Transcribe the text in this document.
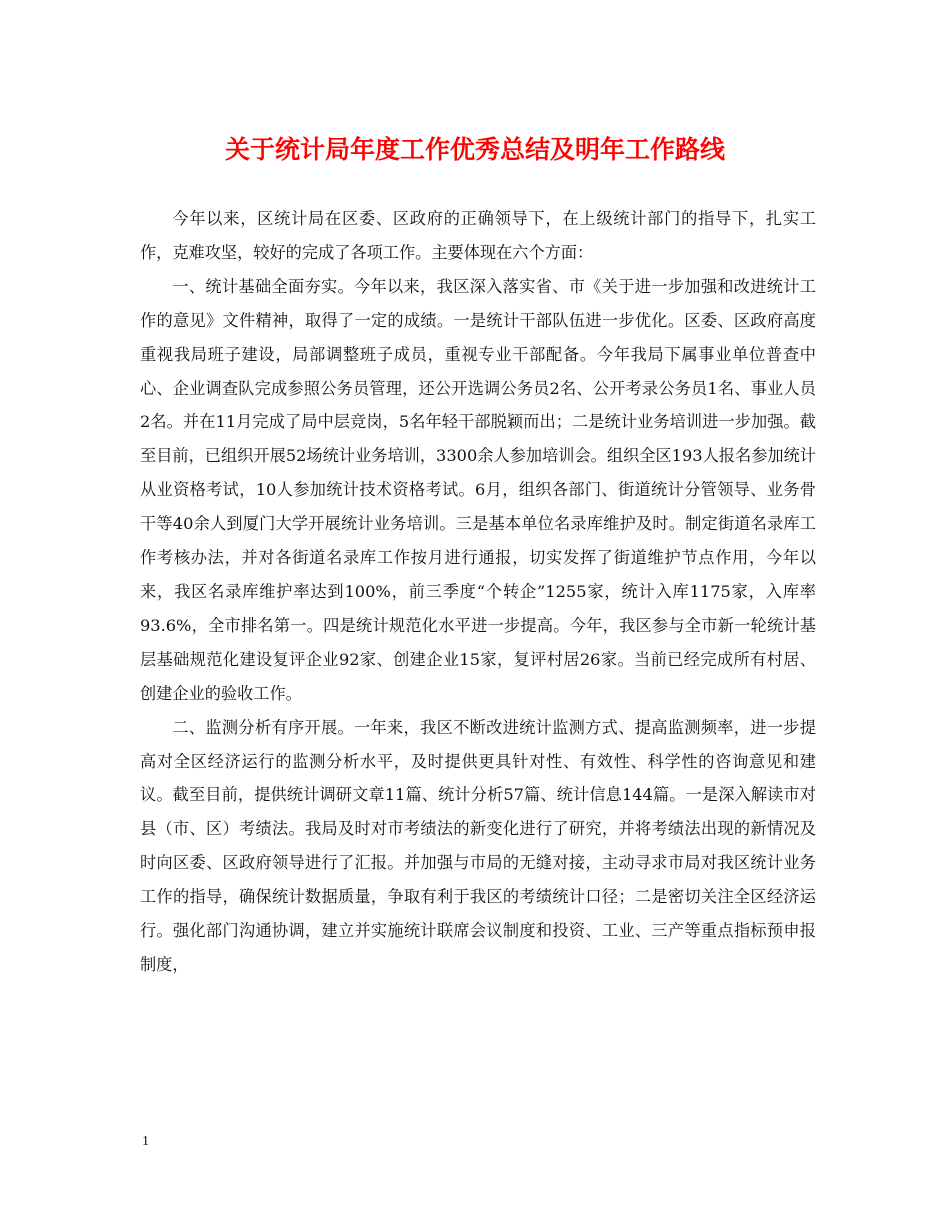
关于统计局年度工作优秀总结及明年工作路线

今年以来，区统计局在区委、区政府的正确领导下，在上级统计部门的指导下，扎实工作，克难攻坚，较好的完成了各项工作。主要体现在六个方面：

一、统计基础全面夯实。今年以来，我区深入落实省、市《关于进一步加强和改进统计工作的意见》文件精神，取得了一定的成绩。一是统计干部队伍进一步优化。区委、区政府高度重视我局班子建设，局部调整班子成员，重视专业干部配备。今年我局下属事业单位普查中心、企业调查队完成参照公务员管理，还公开选调公务员2名、公开考录公务员1名、事业人员2名。并在11月完成了局中层竞岗，5名年轻干部脱颖而出；二是统计业务培训进一步加强。截至目前，已组织开展52场统计业务培训，3300余人参加培训会。组织全区193人报名参加统计从业资格考试，10人参加统计技术资格考试。6月，组织各部门、街道统计分管领导、业务骨干等40余人到厦门大学开展统计业务培训。三是基本单位名录库维护及时。制定街道名录库工作考核办法，并对各街道名录库工作按月进行通报，切实发挥了街道维护节点作用，今年以来，我区名录库维护率达到100%，前三季度“个转企”1255家，统计入库1175家，入库率93.6%，全市排名第一。四是统计规范化水平进一步提高。今年，我区参与全市新一轮统计基层基础规范化建设复评企业92家、创建企业15家，复评村居26家。当前已经完成所有村居、创建企业的验收工作。

二、监测分析有序开展。一年来，我区不断改进统计监测方式、提高监测频率，进一步提高对全区经济运行的监测分析水平，及时提供更具针对性、有效性、科学性的咨询意见和建议。截至目前，提供统计调研文章11篇、统计分析57篇、统计信息144篇。一是深入解读市对县（市、区）考绩法。我局及时对市考绩法的新变化进行了研究，并将考绩法出现的新情况及时向区委、区政府领导进行了汇报。并加强与市局的无缝对接，主动寻求市局对我区统计业务工作的指导，确保统计数据质量，争取有利于我区的考绩统计口径；二是密切关注全区经济运行。强化部门沟通协调，建立并实施统计联席会议制度和投资、工业、三产等重点指标预申报制度，

1
